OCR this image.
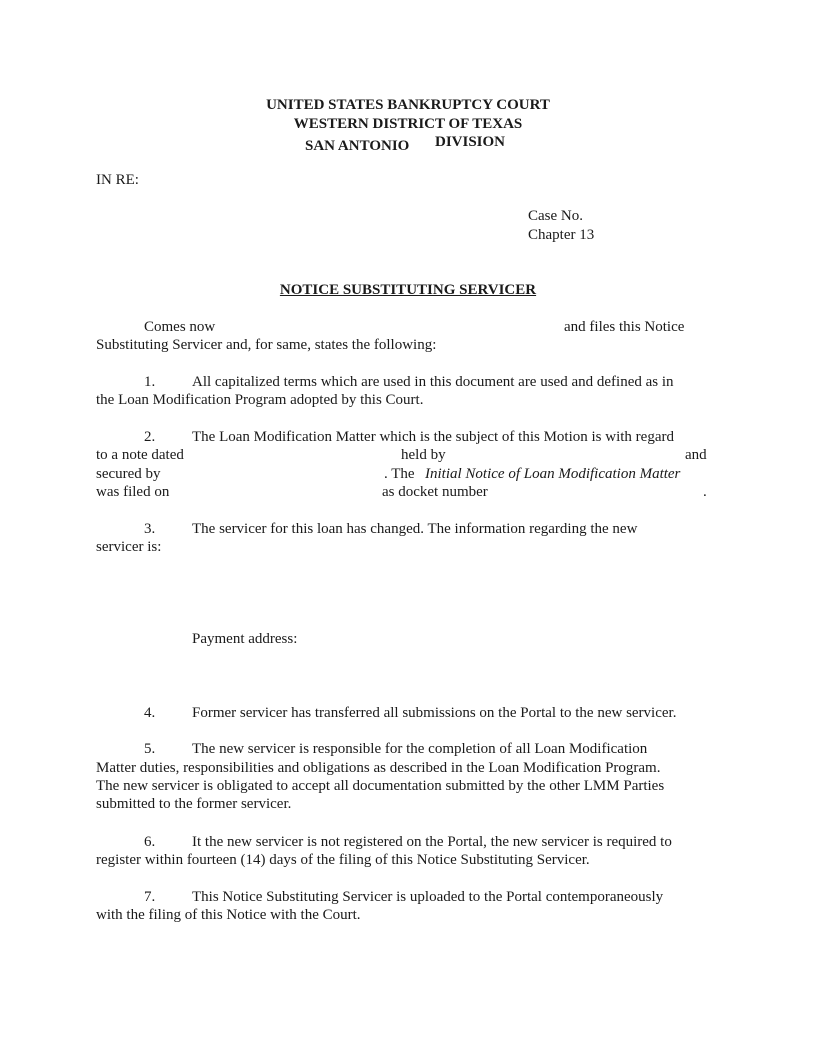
UNITED STATES BANKRUPTCY COURT
WESTERN DISTRICT OF TEXAS
SAN ANTONIO DIVISION
IN RE:
Case No.
Chapter 13
NOTICE SUBSTITUTING SERVICER
Comes now	and files this Notice
Substituting Servicer and, for same, states the following:
1. All capitalized terms which are used in this document are used and defined as in
the Loan Modification Program adopted by this Court.
2. The Loan Modification Matter which is the subject of this Motion is with regard
to a note dated	held by	and
secured by	. The Initial Notice of Loan Modification Matter
was filed on	as docket number	.
3. The servicer for this loan has changed. The information regarding the new
servicer is:
Payment address:
4. Former servicer has transferred all submissions on the Portal to the new servicer.
5. The new servicer is responsible for the completion of all Loan Modification
Matter duties, responsibilities and obligations as described in the Loan Modification Program.
The new servicer is obligated to accept all documentation submitted by the other LMM Parties
submitted to the former servicer.
6. It the new servicer is not registered on the Portal, the new servicer is required to
register within fourteen (14) days of the filing of this Notice Substituting Servicer.
7. This Notice Substituting Servicer is uploaded to the Portal contemporaneously
with the filing of this Notice with the Court.
